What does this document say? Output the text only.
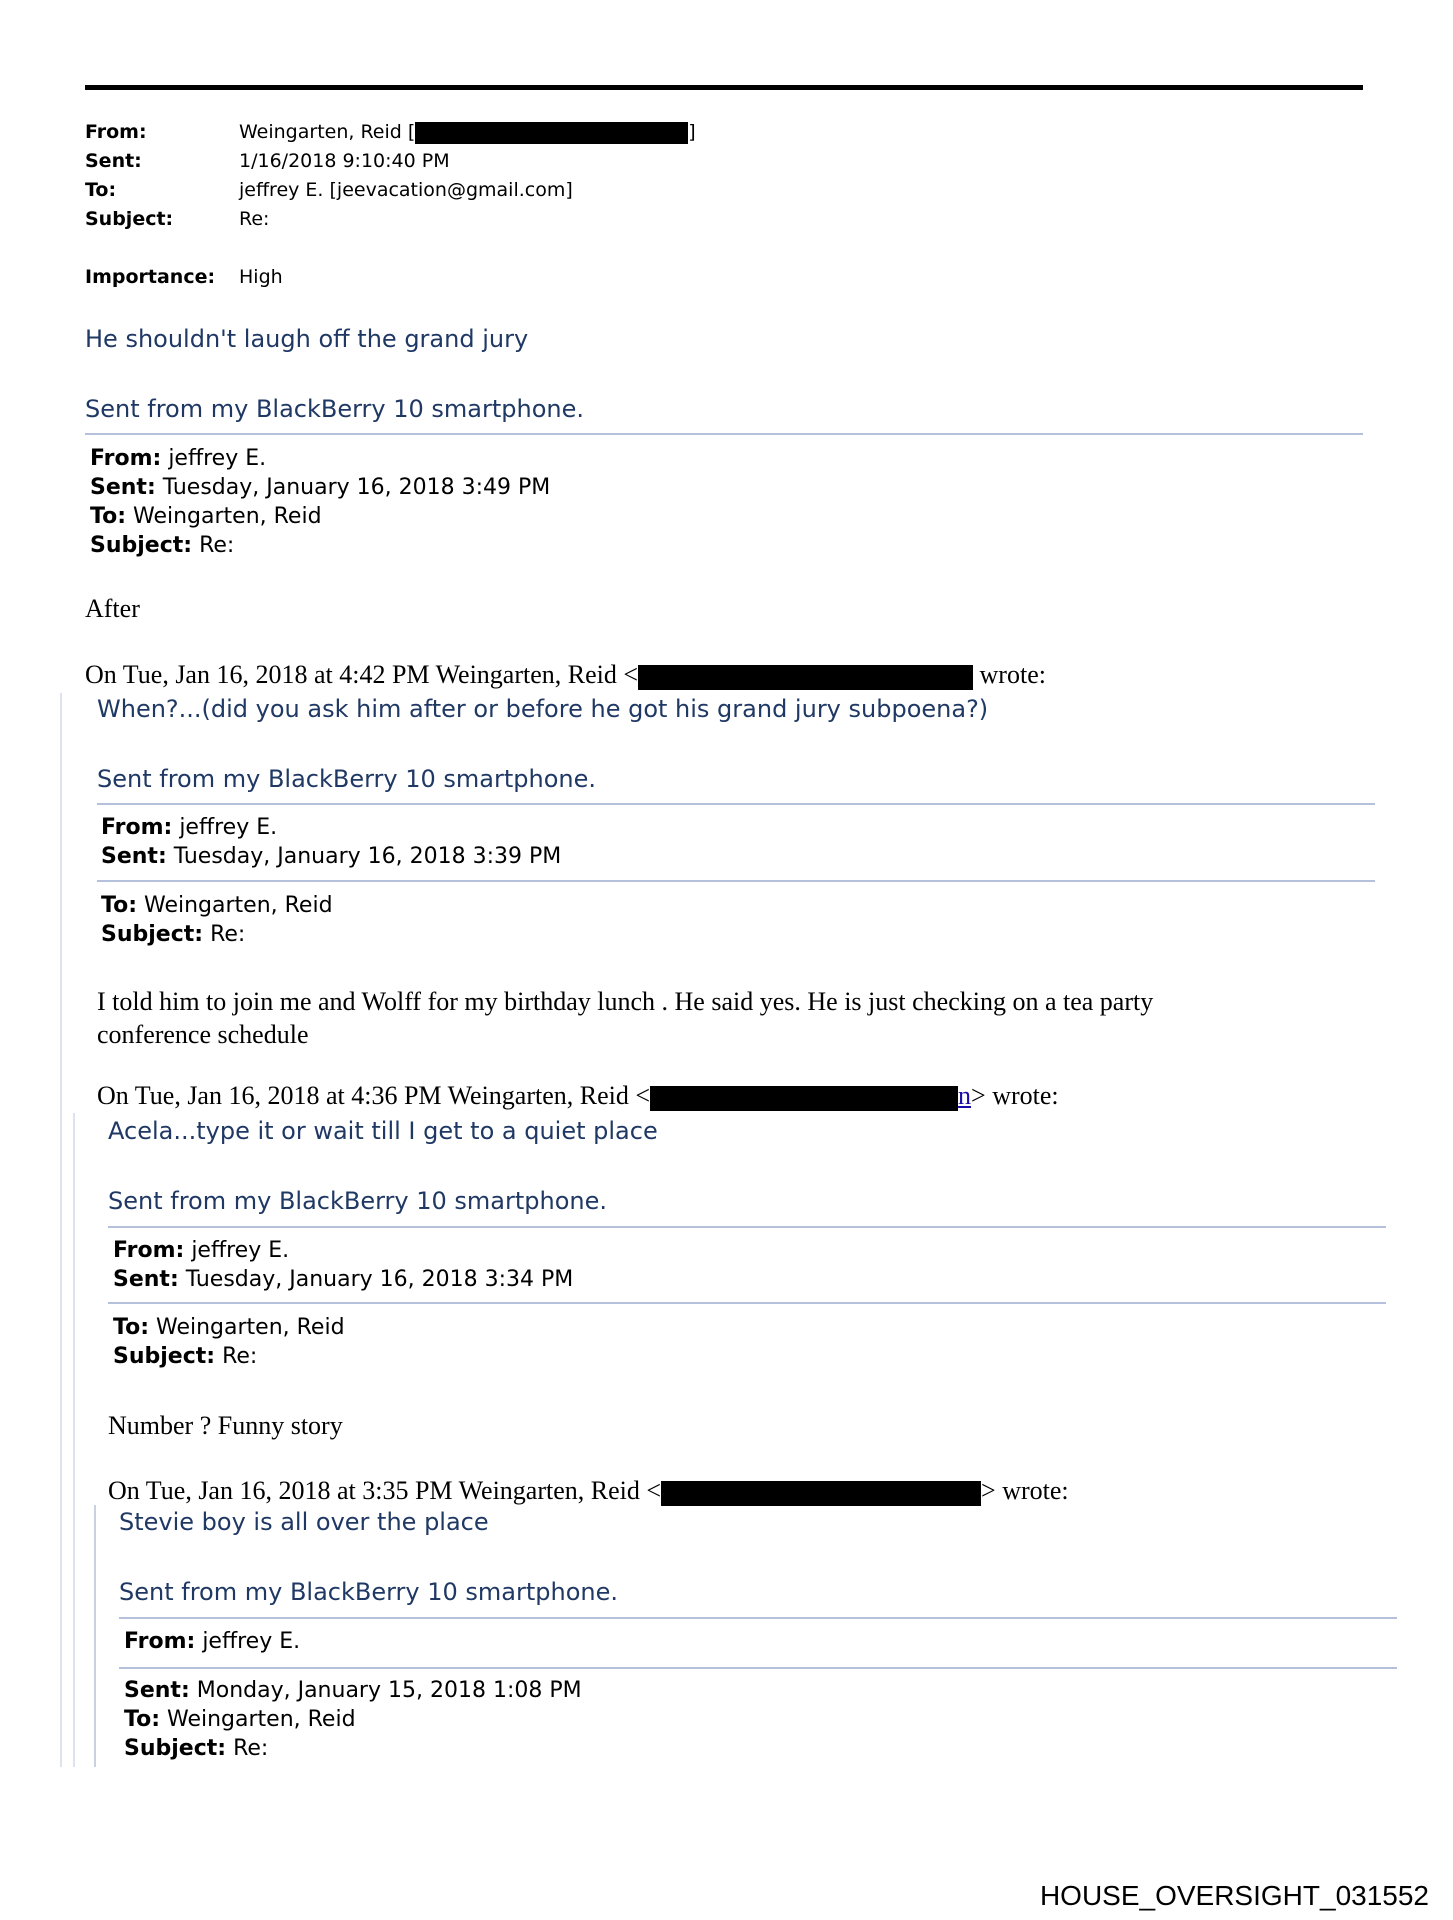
From:	Weingarten, Reid [	]
Sent:	1/16/2018 9:10:40 PM
To:	jeffrey E. [jeevacation@gmail.com]
Subject:	Re:
Importance: High
He shouldn't laugh off the grand jury
Sent from my BlackBerry 10 smartphone.
From: jeffrey E.
Sent: Tuesday, January 16, 2018 3:49 PM
To: Weingarten, Reid
Subject: Re:
After
On Tue, Jan 16, 2018 at 4:42 PM Weingarten, Reid <	wrote:
When?...(did you ask him after or before he got his grand jury subpoena?)
Sent from my BlackBerry 10 smartphone.
From: jeffrey E.
Sent: Tuesday, January 16, 2018 3:39 PM
To: Weingarten, Reid
Subject: Re:
I told him to join me and Wolff for my birthday lunch . He said yes. He is just checking on a tea party
conference schedule
On Tue, Jan 16, 2018 at 4:36 PM Weingarten, Reid <	n> wrote:
Acela...type it or wait till I get to a quiet place
Sent from my BlackBerry 10 smartphone.
From: jeffrey E.
Sent: Tuesday, January 16, 2018 3:34 PM
To: Weingarten, Reid
Subject: Re:
Number ? Funny story
On Tue, Jan 16, 2018 at 3:35 PM Weingarten, Reid <	> wrote:
Stevie boy is all over the place
Sent from my BlackBerry 10 smartphone.
From: jeffrey E.
Sent: Monday, January 15, 2018 1:08 PM
To: Weingarten, Reid
Subject: Re:
HOUSE_OVERSIGHT_031552
